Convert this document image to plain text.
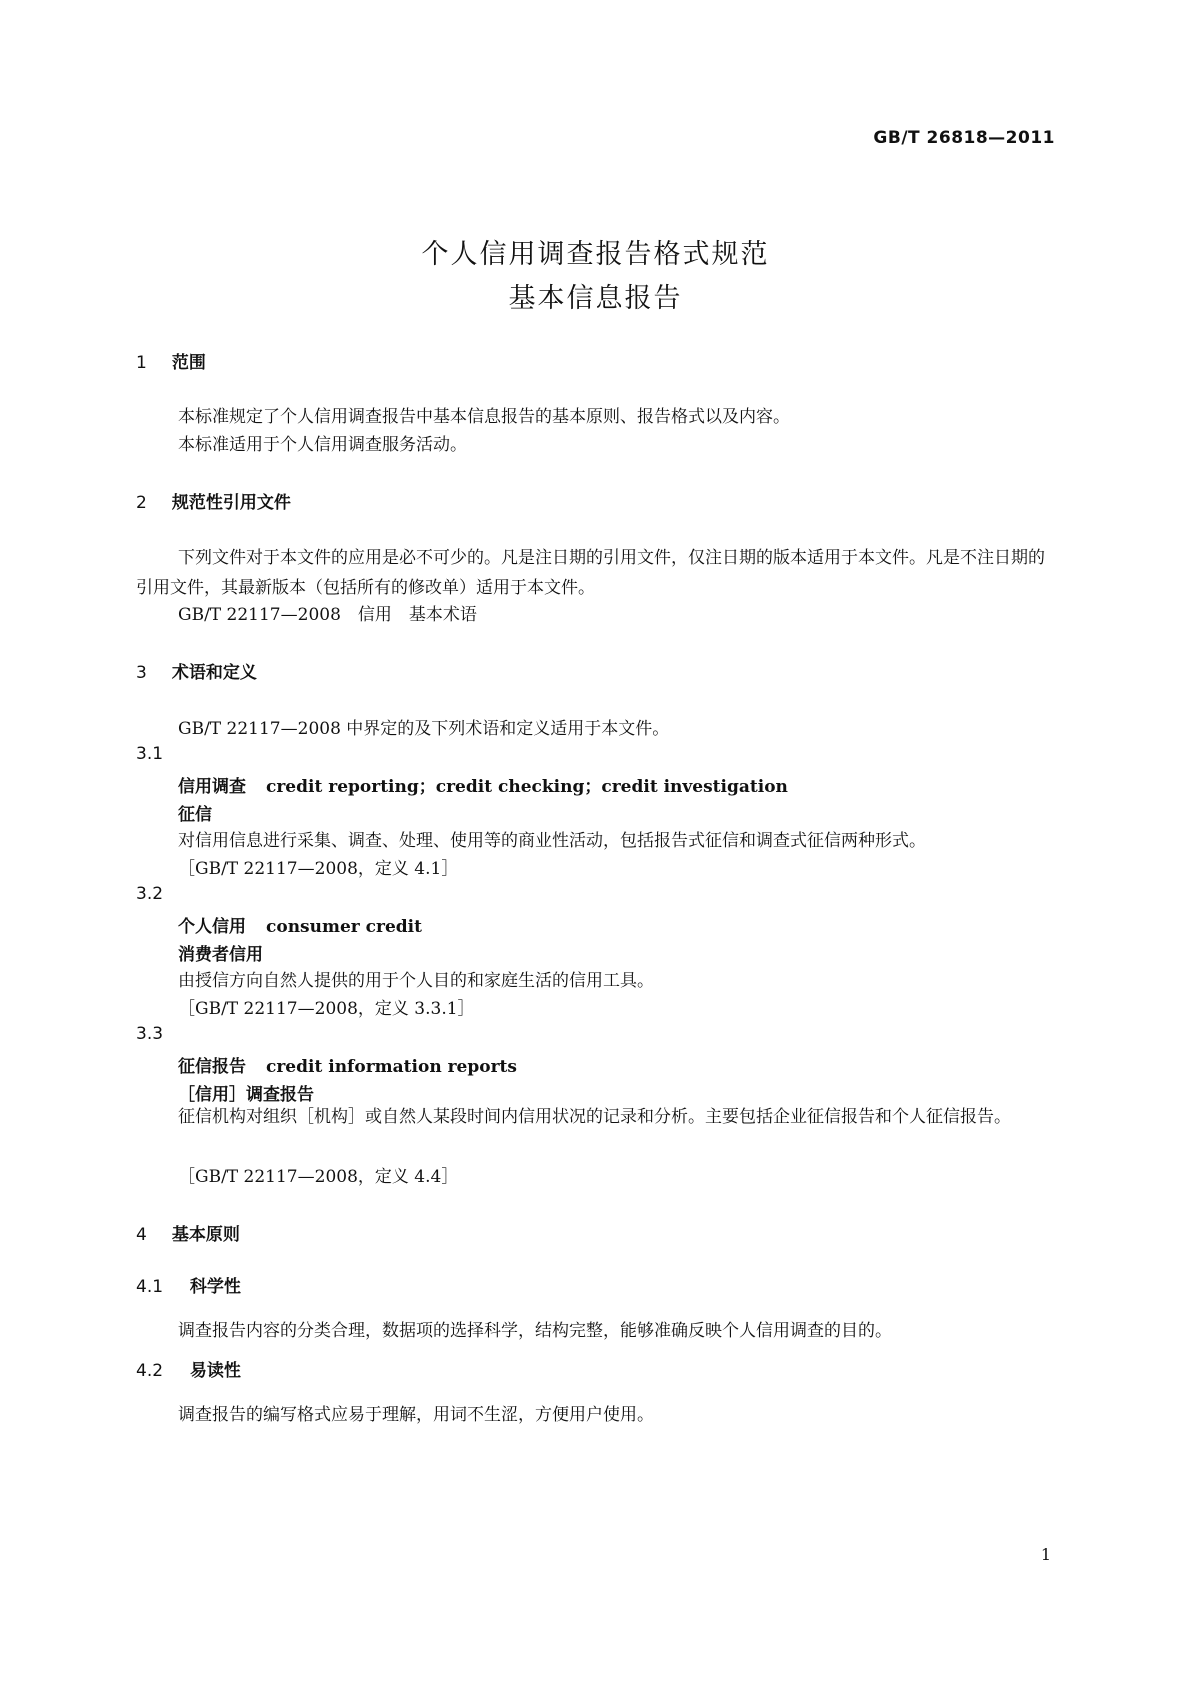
GB/T 26818—2011
个人信用调查报告格式规范
基本信息报告
1 范围
本标准规定了个人信用调查报告中基本信息报告的基本原则、报告格式以及内容。
本标准适用于个人信用调查服务活动。
2 规范性引用文件
下列文件对于本文件的应用是必不可少的。凡是注日期的引用文件，仅注日期的版本适用于本文件。凡是不注日期的引用文件，其最新版本（包括所有的修改单）适用于本文件。
GB/T 22117—2008　信用　基本术语
3 术语和定义
GB/T 22117—2008 中界定的及下列术语和定义适用于本文件。
3.1
信用调查 credit reporting；credit checking；credit investigation
征信
对信用信息进行采集、调查、处理、使用等的商业性活动，包括报告式征信和调查式征信两种形式。
［GB/T 22117—2008，定义 4.1］
3.2
个人信用 consumer credit
消费者信用
由授信方向自然人提供的用于个人目的和家庭生活的信用工具。
［GB/T 22117—2008，定义 3.3.1］
3.3
征信报告 credit information reports
［信用］调查报告
征信机构对组织［机构］或自然人某段时间内信用状况的记录和分析。主要包括企业征信报告和个人征信报告。
［GB/T 22117—2008，定义 4.4］
4 基本原则
4.1 科学性
调查报告内容的分类合理，数据项的选择科学，结构完整，能够准确反映个人信用调查的目的。
4.2 易读性
调查报告的编写格式应易于理解，用词不生涩，方便用户使用。
1
